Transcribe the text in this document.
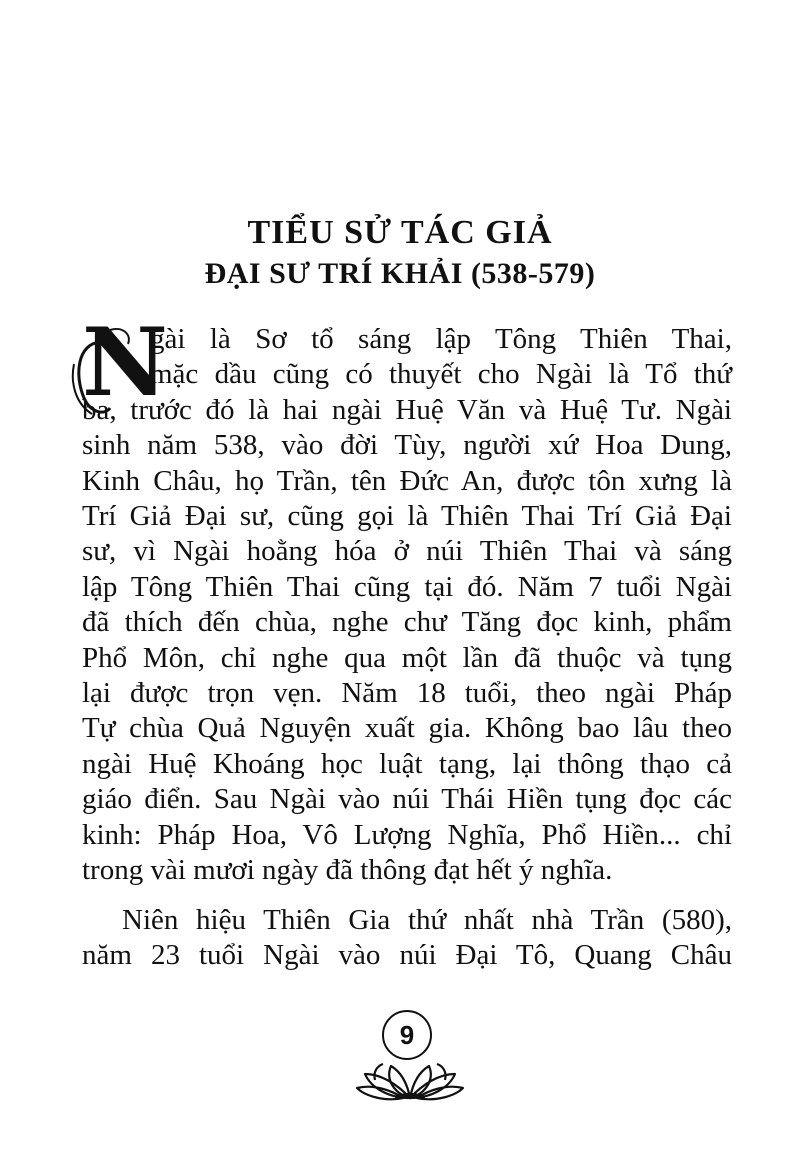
TIỂU SỬ TÁC GIẢ
ĐẠI SƯ TRÍ KHẢI (538-579)
N
gài là Sơ tổ sáng lập Tông Thiên Thai,
mặc dầu cũng có thuyết cho Ngài là Tổ thứ
ba, trước đó là hai ngài Huệ Văn và Huệ Tư. Ngài
sinh năm 538, vào đời Tùy, người xứ Hoa Dung,
Kinh Châu, họ Trần, tên Đức An, được tôn xưng là
Trí Giả Đại sư, cũng gọi là Thiên Thai Trí Giả Đại
sư, vì Ngài hoằng hóa ở núi Thiên Thai và sáng
lập Tông Thiên Thai cũng tại đó. Năm 7 tuổi Ngài
đã thích đến chùa, nghe chư Tăng đọc kinh, phẩm
Phổ Môn, chỉ nghe qua một lần đã thuộc và tụng
lại được trọn vẹn. Năm 18 tuổi, theo ngài Pháp
Tự chùa Quả Nguyện xuất gia. Không bao lâu theo
ngài Huệ Khoáng học luật tạng, lại thông thạo cả
giáo điển. Sau Ngài vào núi Thái Hiền tụng đọc các
kinh: Pháp Hoa, Vô Lượng Nghĩa, Phổ Hiền... chỉ
trong vài mươi ngày đã thông đạt hết ý nghĩa.
Niên hiệu Thiên Gia thứ nhất nhà Trần (580),
năm 23 tuổi Ngài vào núi Đại Tô, Quang Châu
9
